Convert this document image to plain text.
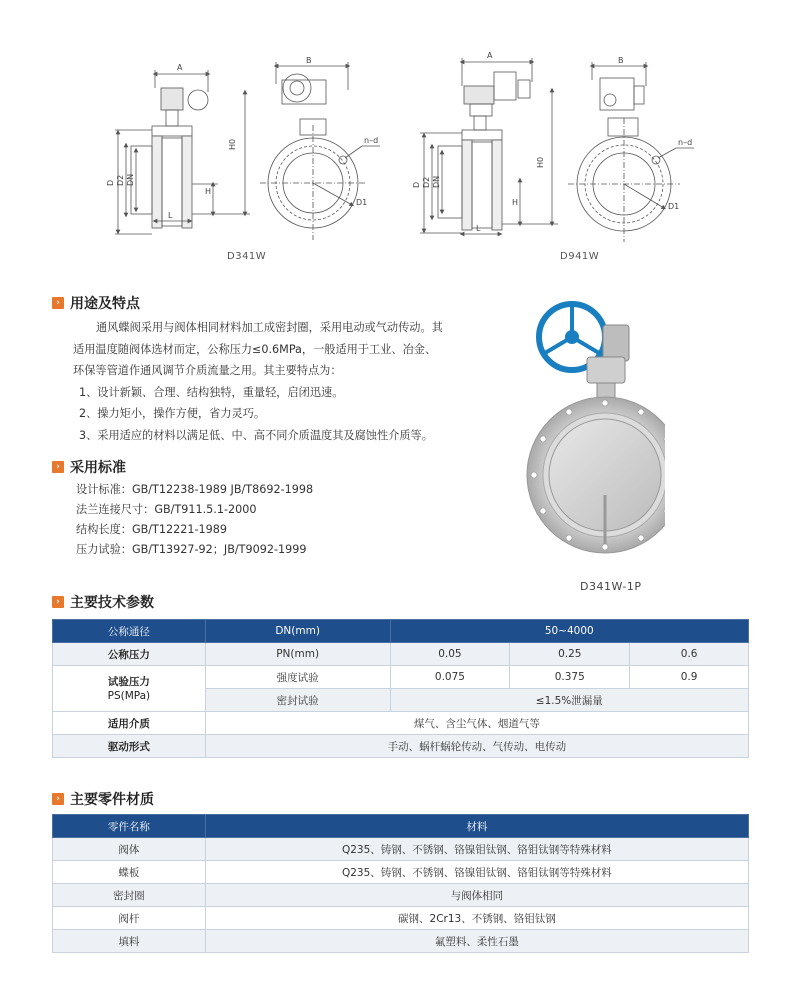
A
B
H0
H
D D2 DN
L
n–d
D1
A
B
H0
H
D D2 DN
L
n–d
D1
D341W	D941W
› 用途及特点

通风蝶阀采用与阀体相同材料加工成密封圈，采用电动或气动传动。其

适用温度随阀体选材而定，公称压力≤0.6MPa，一般适用于工业、冶金、

环保等管道作通风调节介质流量之用。其主要特点为：

1、设计新颖、合理、结构独特，重量轻，启闭迅速。

2、操力矩小，操作方便，省力灵巧。

3、采用适应的材料以满足低、中、高不同介质温度其及腐蚀性介质等。

D341W-1P
› 采用标准
设计标准：GB/T12238-1989 JB/T8692-1998
法兰连接尺寸：GB/T911.5.1-2000
结构长度：GB/T12221-1989
压力试验：GB/T13927-92；JB/T9092-1999
› 主要技术参数
公称通径	DN(mm)	50~4000		
公称压力	PN(mm)	0.05	0.25	0.6

试验压力
PS(MPa)	强度试验	0.075	0.375	0.9
	密封试验	≤1.5%泄漏量		
适用介质	煤气、含尘气体、烟道气等			
驱动形式	手动、蜗杆蜗轮传动、气传动、电传动			
› 主要零件材质
零件名称	材料
阀体	Q235、铸钢、不锈钢、铬镍钼钛钢、铬钼钛钢等特殊材料
蝶板	Q235、铸钢、不锈钢、铬镍钼钛钢、铬钼钛钢等特殊材料
密封圈	与阀体相同
阀杆	碳钢、2Cr13、不锈钢、铬钼钛钢
填料	氟塑料、柔性石墨
